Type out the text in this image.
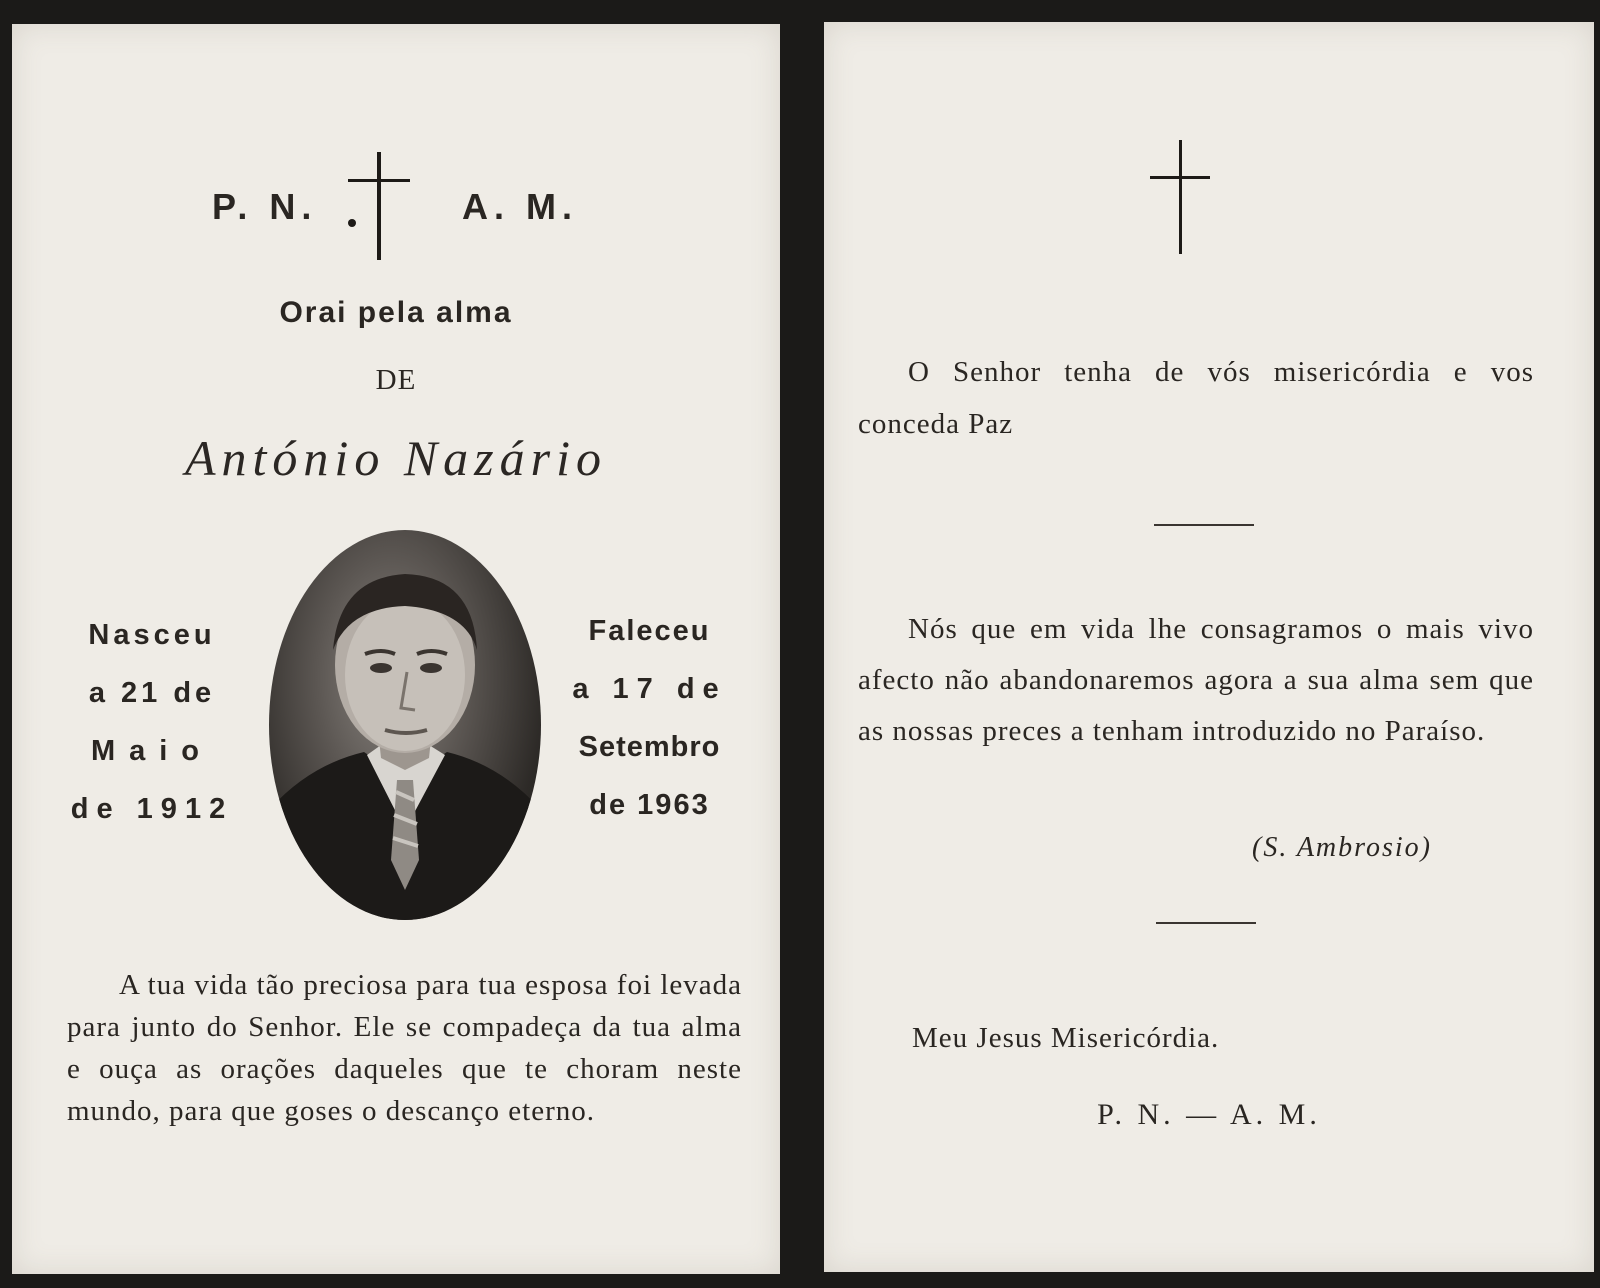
P. N.	A. M.
Orai pela alma
DE
António Nazário
Nasceu
a 21 de
Maio
de 1912
Faleceu
a 17 de
Setembro
de 1963

A tua vida tão preciosa para tua esposa foi levada para junto do Senhor. Ele se compadeça da tua alma e ouça as orações daqueles que te choram neste mundo, para que goses o descanço eterno.

O Senhor tenha de vós misericórdia e vos conceda Paz

Nós que em vida lhe consagramos o mais vivo afecto não abandonaremos agora a sua alma sem que as nossas preces a tenham introduzido no Paraíso.

(S. Ambrosio)
Meu Jesus Misericórdia.
P. N. — A. M.
